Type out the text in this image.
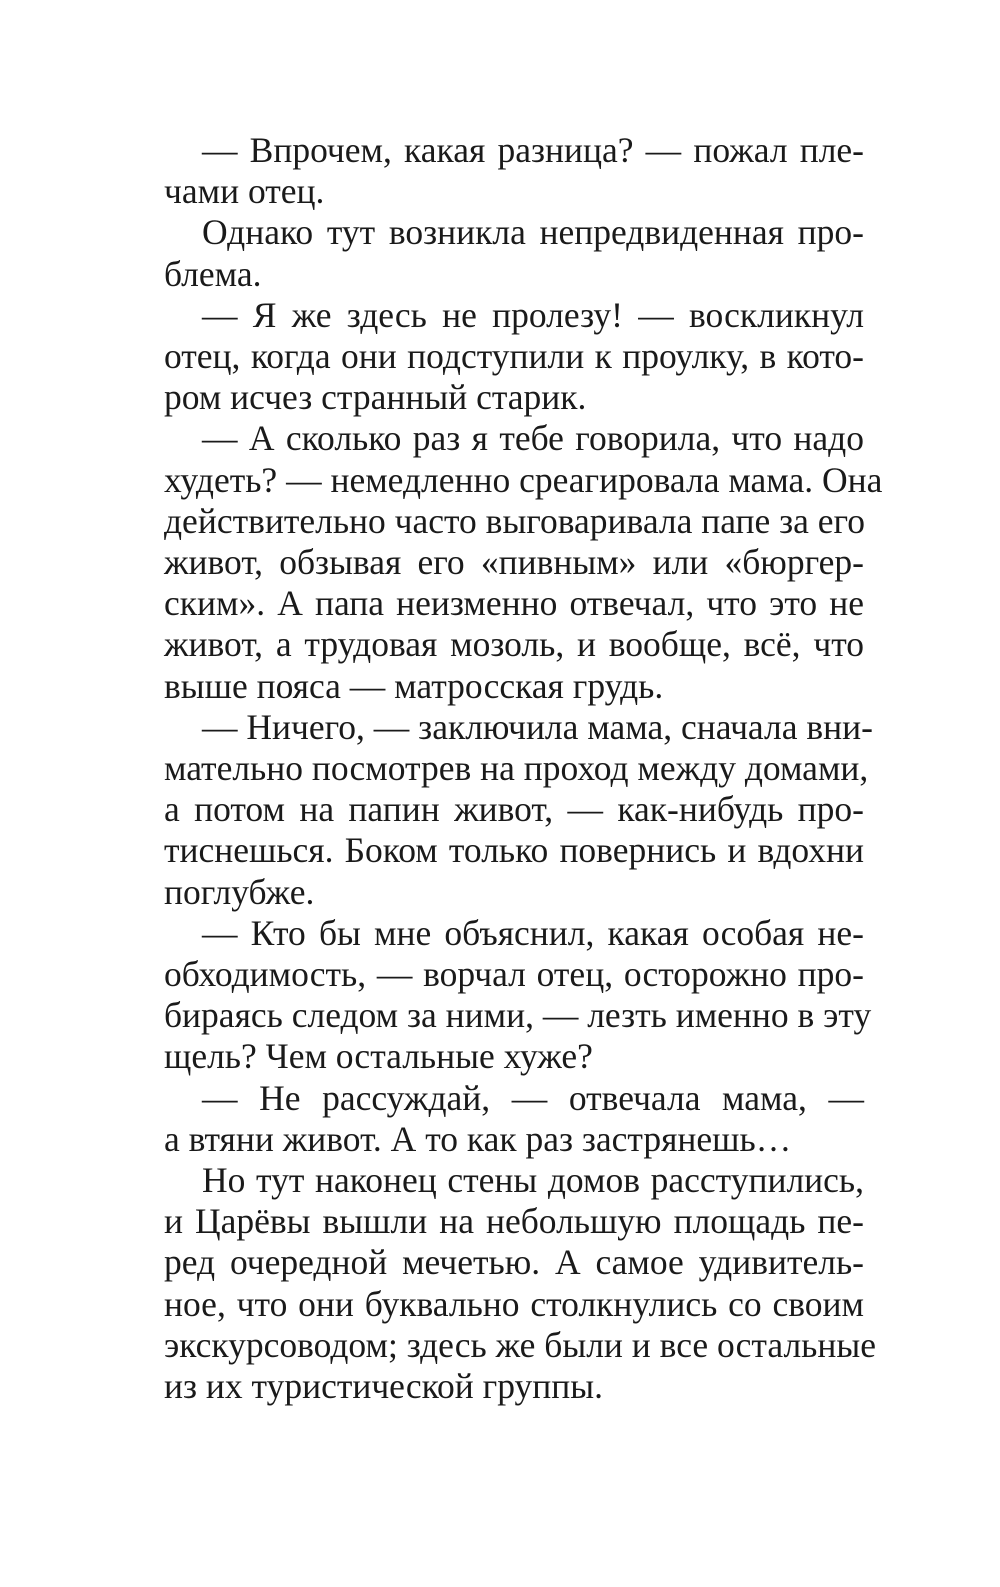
— Впрочем, какая разница? — пожал пле-
чами отец.

Однако тут возникла непредвиденная про-
блема.

— Я же здесь не пролезу! — воскликнул
отец, когда они подступили к проулку, в кото-
ром исчез странный старик.

— А сколько раз я тебе говорила, что надо
худеть? — немедленно среагировала мама. Она
действительно часто выговаривала папе за его
живот, обзывая его «пивным» или «бюргер-
ским». А папа неизменно отвечал, что это не
живот, а трудовая мозоль, и вообще, всё, что
выше пояса — матросская грудь.

— Ничего, — заключила мама, сначала вни-
мательно посмотрев на проход между домами,
а потом на папин живот, — как-нибудь про-
тиснешься. Боком только повернись и вдохни
поглубже.

— Кто бы мне объяснил, какая особая не-
обходимость, — ворчал отец, осторожно про-
бираясь следом за ними, — лезть именно в эту
щель? Чем остальные хуже?

— Не рассуждай, — отвечала мама, —
а втяни живот. А то как раз застрянешь…

Но тут наконец стены домов расступились,
и Царёвы вышли на небольшую площадь пе-
ред очередной мечетью. А самое удивитель-
ное, что они буквально столкнулись со своим
экскурсоводом; здесь же были и все остальные
из их туристической группы.
